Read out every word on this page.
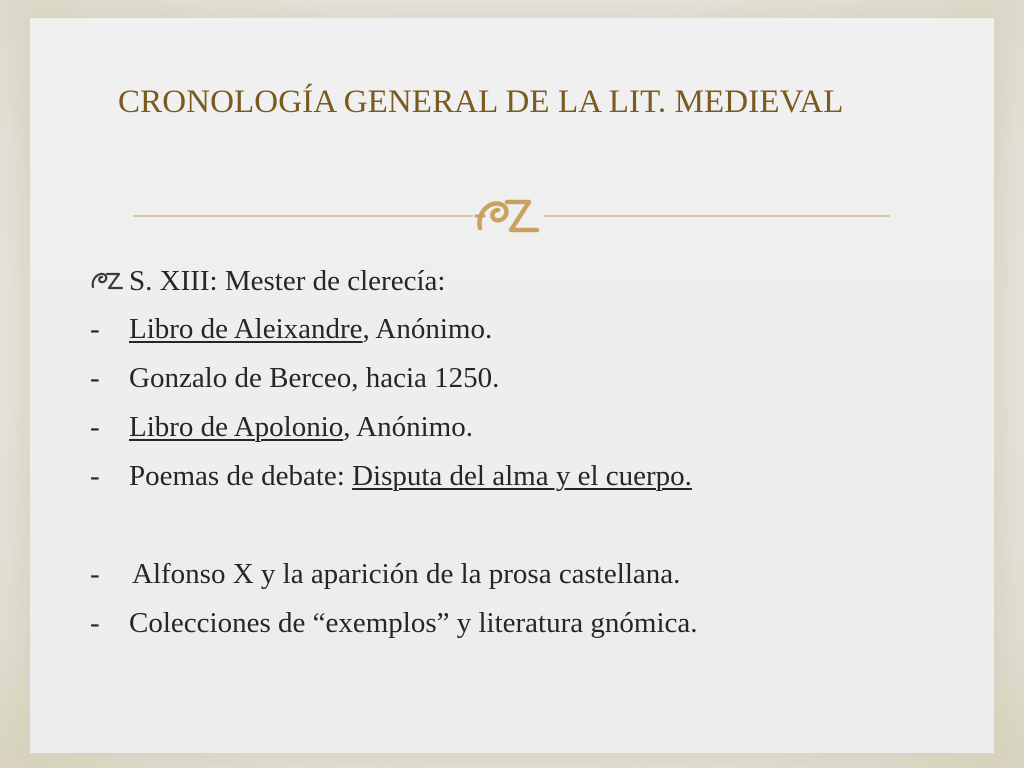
CRONOLOGÍA GENERAL DE LA LIT. MEDIEVAL
S. XIII: Mester de clerecía:
- Libro de Aleixandre, Anónimo.
- Gonzalo de Berceo, hacia 1250.
- Libro de Apolonio, Anónimo.
- Poemas de debate: Disputa del alma y el cuerpo.
- Alfonso X y la aparición de la prosa castellana.
- Colecciones de “exemplos” y literatura gnómica.
